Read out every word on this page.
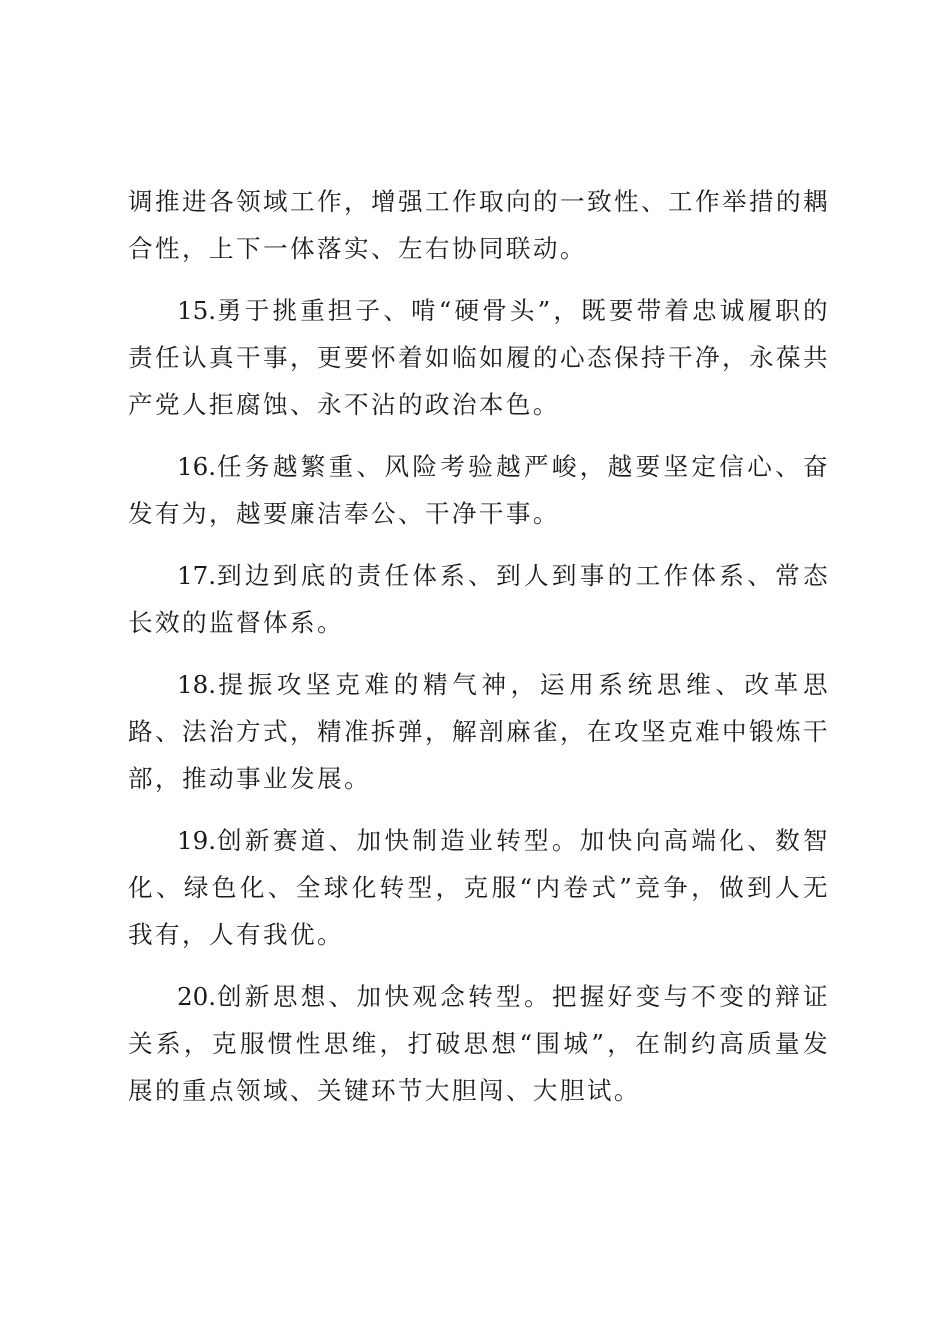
调推进各领域工作，增强工作取向的一致性、工作举措的耦合性，上下一体落实、左右协同联动。

15.勇于挑重担子、啃“硬骨头”，既要带着忠诚履职的责任认真干事，更要怀着如临如履的心态保持干净，永葆共产党人拒腐蚀、永不沾的政治本色。

16.任务越繁重、风险考验越严峻，越要坚定信心、奋发有为，越要廉洁奉公、干净干事。

17.到边到底的责任体系、到人到事的工作体系、常态长效的监督体系。

18.提振攻坚克难的精气神，运用系统思维、改革思路、法治方式，精准拆弹，解剖麻雀，在攻坚克难中锻炼干部，推动事业发展。

19.创新赛道、加快制造业转型。加快向高端化、数智化、绿色化、全球化转型，克服“内卷式”竞争，做到人无我有，人有我优。

20.创新思想、加快观念转型。把握好变与不变的辩证关系，克服惯性思维，打破思想“围城”，在制约高质量发展的重点领域、关键环节大胆闯、大胆试。
